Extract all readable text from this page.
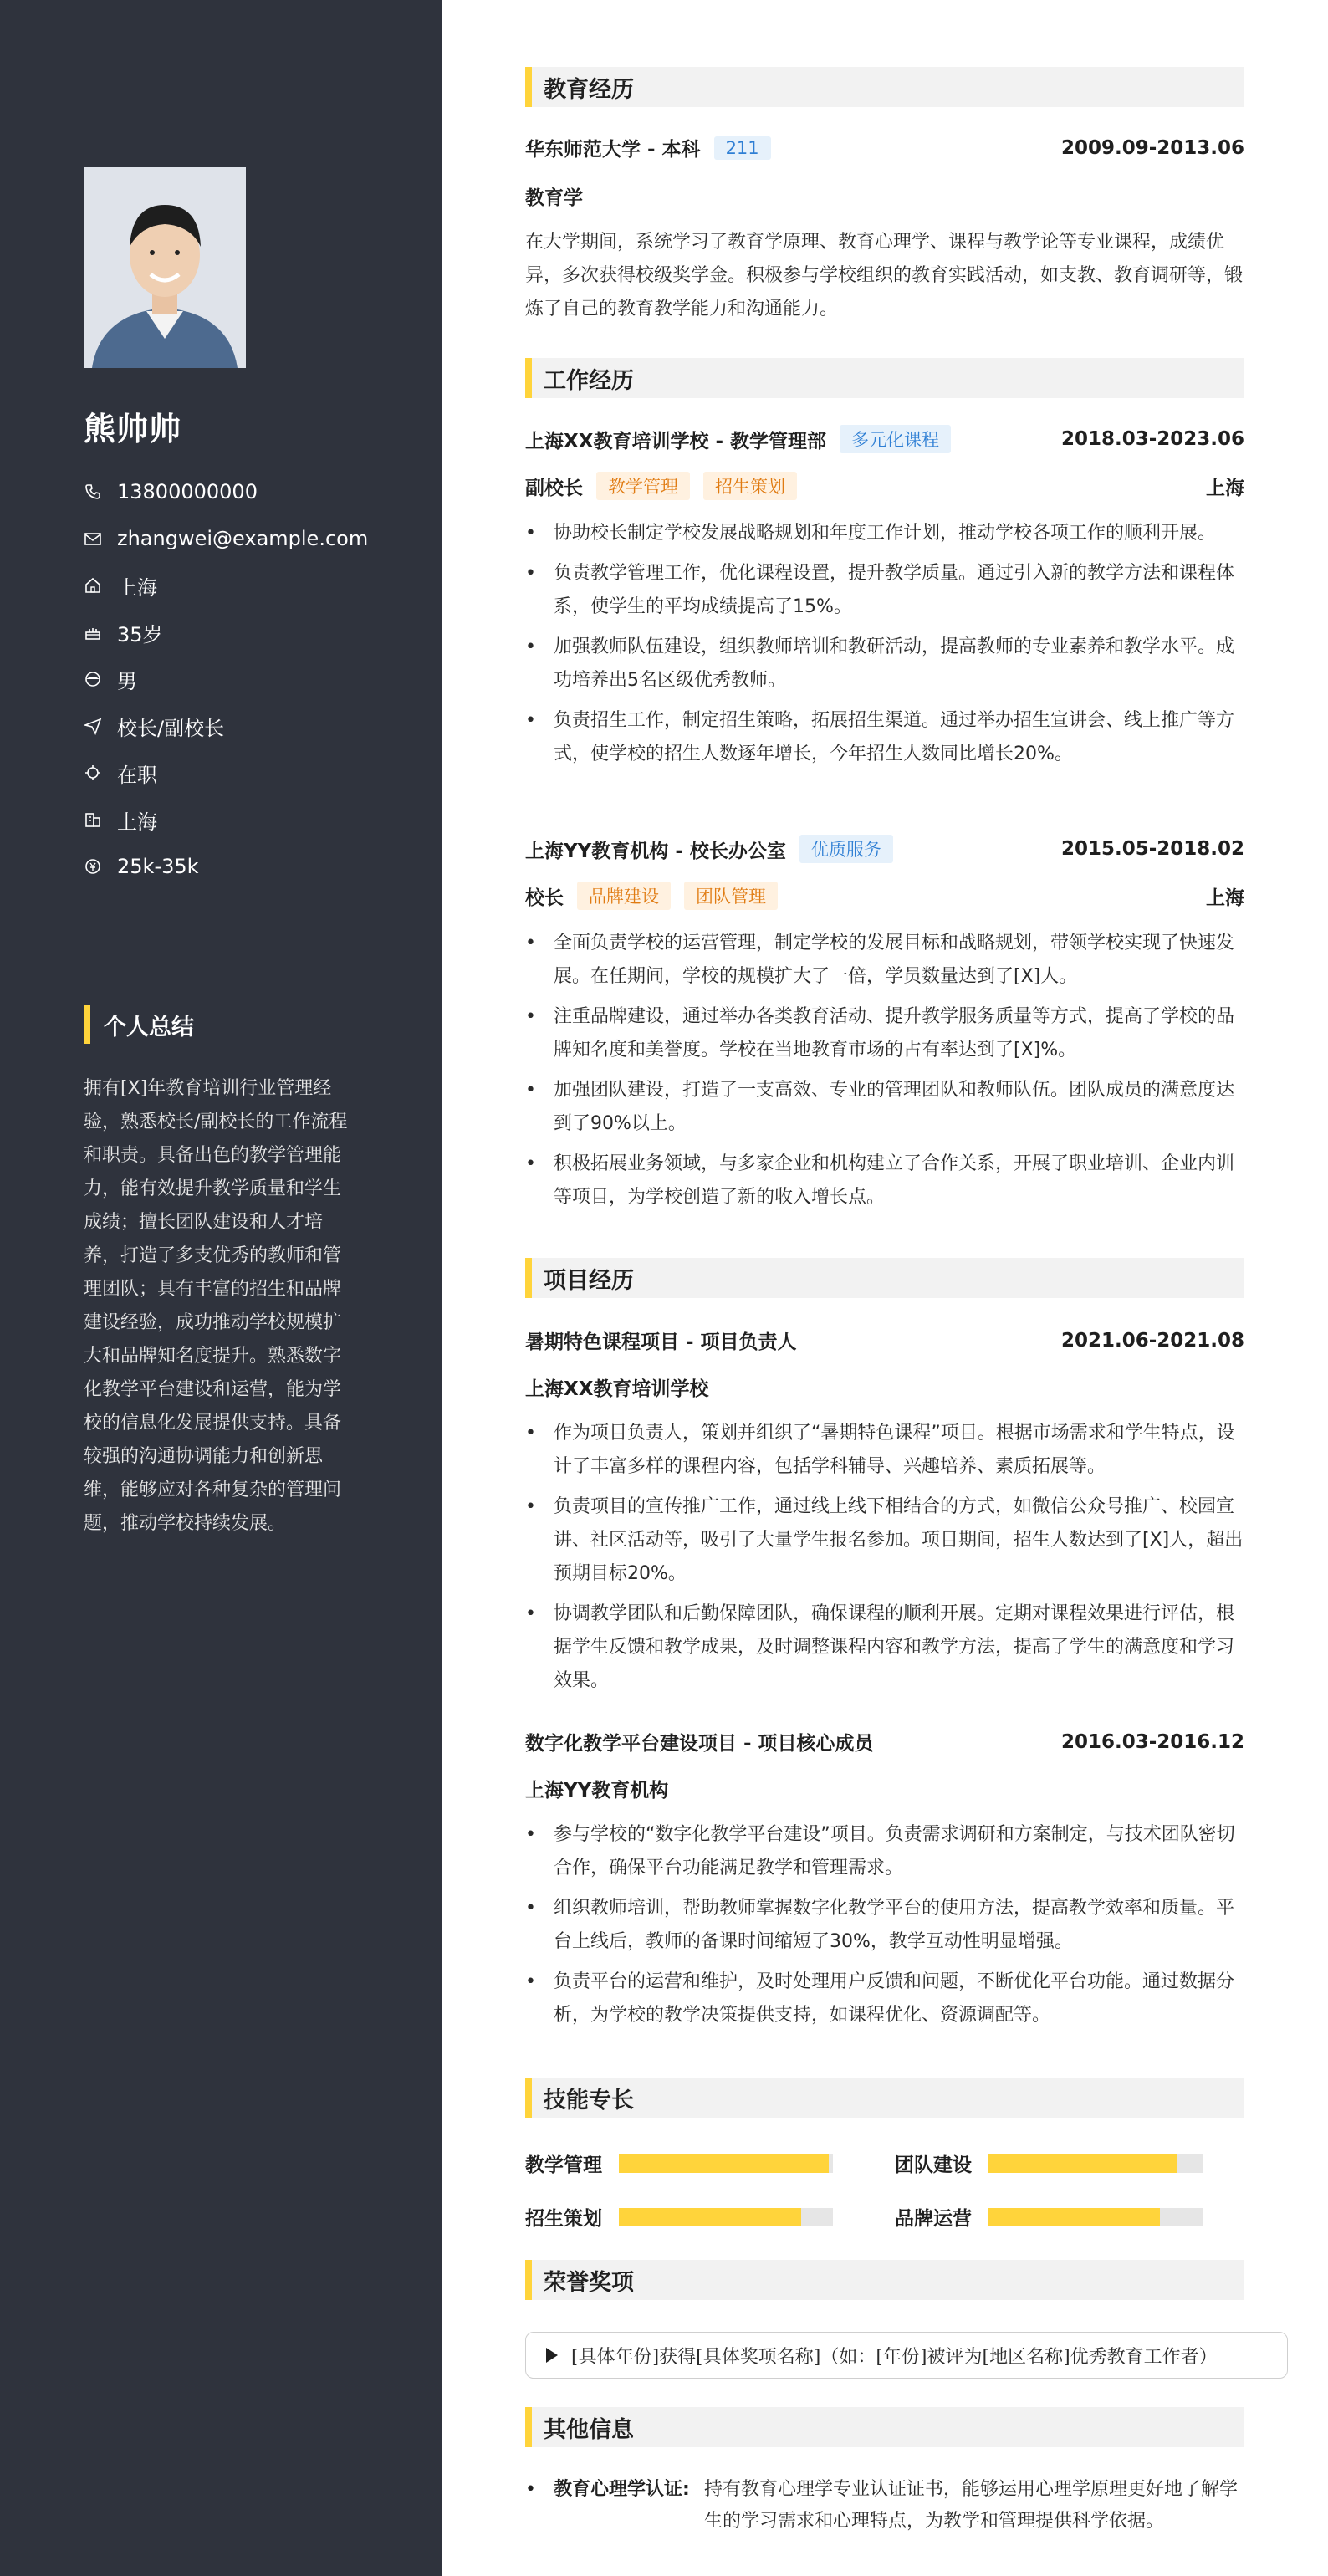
熊帅帅
13800000000
zhangwei@example.com
上海
35岁
男
校长/副校长
在职
上海
25k-35k
个人总结
拥有[X]年教育培训行业管理经验，熟悉校长/副校长的工作流程和职责。具备出色的教学管理能力，能有效提升教学质量和学生成绩；擅长团队建设和人才培养，打造了多支优秀的教师和管理团队；具有丰富的招生和品牌建设经验，成功推动学校规模扩大和品牌知名度提升。熟悉数字化教学平台建设和运营，能为学校的信息化发展提供支持。具备较强的沟通协调能力和创新思维，能够应对各种复杂的管理问题，推动学校持续发展。
教育经历
华东师范大学 - 本科	211	2009.09-2013.06
教育学
在大学期间，系统学习了教育学原理、教育心理学、课程与教学论等专业课程，成绩优异，多次获得校级奖学金。积极参与学校组织的教育实践活动，如支教、教育调研等，锻炼了自己的教育教学能力和沟通能力。
工作经历
上海XX教育培训学校 - 教学管理部	多元化课程	2018.03-2023.06
副校长	教学管理	招生策划	上海
• 协助校长制定学校发展战略规划和年度工作计划，推动学校各项工作的顺利开展。
• 负责教学管理工作，优化课程设置，提升教学质量。通过引入新的教学方法和课程体系，使学生的平均成绩提高了15%。
• 加强教师队伍建设，组织教师培训和教研活动，提高教师的专业素养和教学水平。成功培养出5名区级优秀教师。
• 负责招生工作，制定招生策略，拓展招生渠道。通过举办招生宣讲会、线上推广等方式，使学校的招生人数逐年增长，今年招生人数同比增长20%。
上海YY教育机构 - 校长办公室	优质服务	2015.05-2018.02
校长	品牌建设	团队管理	上海
• 全面负责学校的运营管理，制定学校的发展目标和战略规划，带领学校实现了快速发展。在任期间，学校的规模扩大了一倍，学员数量达到了[X]人。
• 注重品牌建设，通过举办各类教育活动、提升教学服务质量等方式，提高了学校的品牌知名度和美誉度。学校在当地教育市场的占有率达到了[X]%。
• 加强团队建设，打造了一支高效、专业的管理团队和教师队伍。团队成员的满意度达到了90%以上。
• 积极拓展业务领域，与多家企业和机构建立了合作关系，开展了职业培训、企业内训等项目，为学校创造了新的收入增长点。
项目经历
暑期特色课程项目 - 项目负责人	2021.06-2021.08
上海XX教育培训学校
• 作为项目负责人，策划并组织了“暑期特色课程”项目。根据市场需求和学生特点，设计了丰富多样的课程内容，包括学科辅导、兴趣培养、素质拓展等。
• 负责项目的宣传推广工作，通过线上线下相结合的方式，如微信公众号推广、校园宣讲、社区活动等，吸引了大量学生报名参加。项目期间，招生人数达到了[X]人，超出预期目标20%。
• 协调教学团队和后勤保障团队，确保课程的顺利开展。定期对课程效果进行评估，根据学生反馈和教学成果，及时调整课程内容和教学方法，提高了学生的满意度和学习效果。
数字化教学平台建设项目 - 项目核心成员	2016.03-2016.12
上海YY教育机构
• 参与学校的“数字化教学平台建设”项目。负责需求调研和方案制定，与技术团队密切合作，确保平台功能满足教学和管理需求。
• 组织教师培训，帮助教师掌握数字化教学平台的使用方法，提高教学效率和质量。平台上线后，教师的备课时间缩短了30%，教学互动性明显增强。
• 负责平台的运营和维护，及时处理用户反馈和问题，不断优化平台功能。通过数据分析，为学校的教学决策提供支持，如课程优化、资源调配等。
技能专长
教学管理	团队建设
招生策划	品牌运营
荣誉奖项
[具体年份]获得[具体奖项名称]（如：[年份]被评为[地区名称]优秀教育工作者）
其他信息
• 教育心理学认证: 持有教育心理学专业认证证书，能够运用心理学原理更好地了解学生的学习需求和心理特点，为教学和管理提供科学依据。
